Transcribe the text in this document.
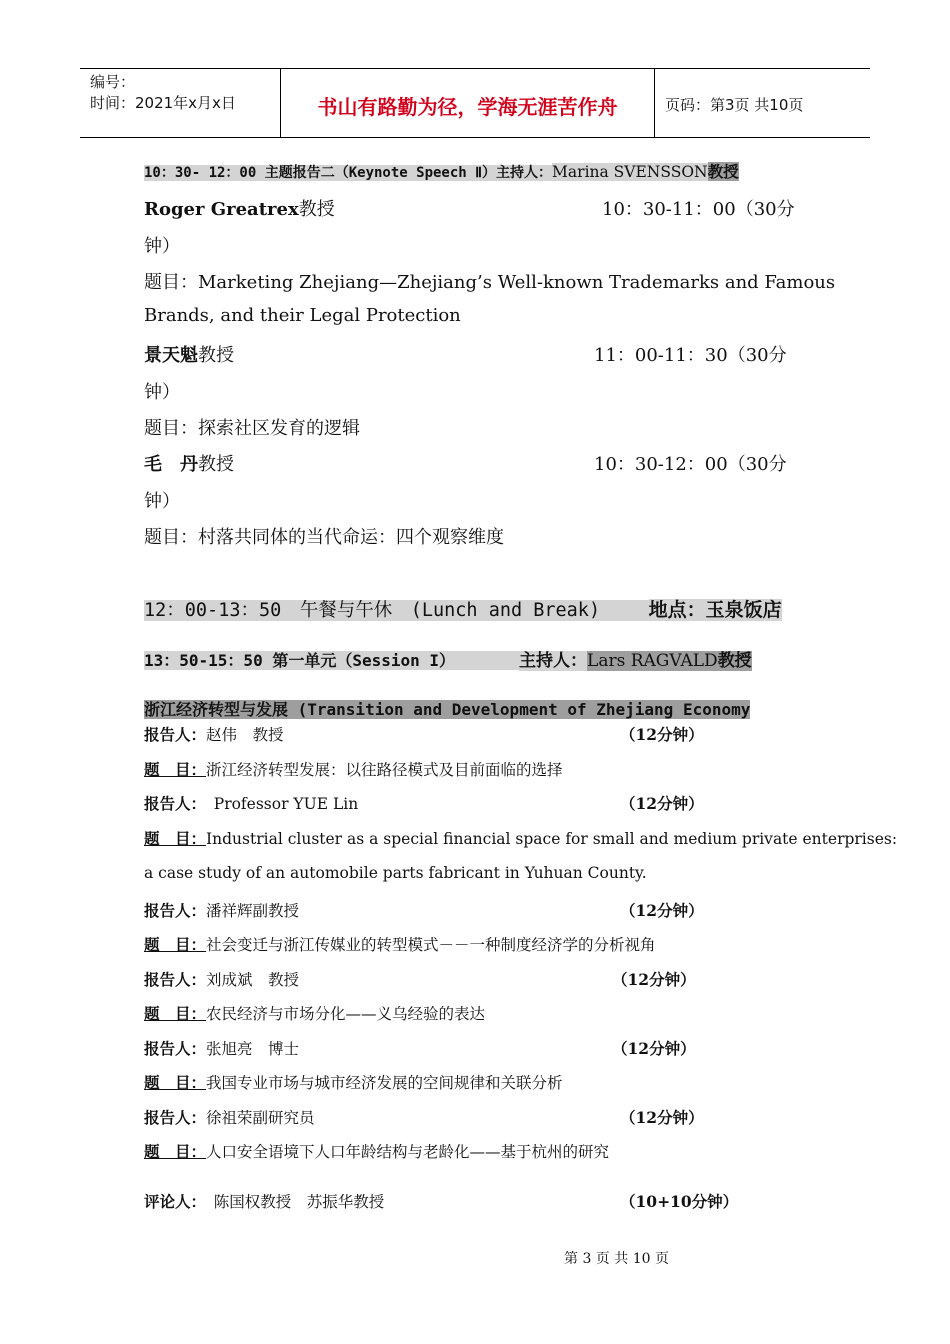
编号：
时间：2021年x月x日	书山有路勤为径，学海无涯苦作舟	页码：第3页 共10页
10：30- 12：00 主题报告二（Keynote Speech Ⅱ）主持人：Marina SVENSSON教授
Roger Greatrex教授	10：30-11：00（30分
钟）
题目：Marketing Zhejiang—Zhejiang’s Well-known Trademarks and Famous
Brands, and their Legal Protection
景天魁教授	11：00-11：30（30分
钟）
题目：探索社区发育的逻辑
毛　丹教授	10：30-12：00（30分
钟）
题目：村落共同体的当代命运：四个观察维度
12：00-13：50　午餐与午休　(Lunch and Break)　地点：玉泉饭店
13：50-15：50 第一单元（Session I）　　主持人：Lars RAGVALD教授
浙江经济转型与发展 (Transition and Development of Zhejiang Economy
报告人：赵伟　教授	（12分钟）
题　目：浙江经济转型发展：以往路径模式及目前面临的选择
报告人：　Professor YUE Lin	（12分钟）
题　目：Industrial cluster as a special financial space for small and medium private enterprises:
a case study of an automobile parts fabricant in Yuhuan County.
报告人：潘祥辉副教授	（12分钟）
题　目：社会变迁与浙江传媒业的转型模式－－一种制度经济学的分析视角
报告人：刘成斌　教授	（12分钟）
题　目：农民经济与市场分化——义乌经验的表达
报告人：张旭亮　博士	（12分钟）
题　目：我国专业市场与城市经济发展的空间规律和关联分析
报告人：徐祖荣副研究员	（12分钟）
题　目：人口安全语境下人口年龄结构与老龄化——基于杭州的研究
评论人：　陈国权教授　苏振华教授	（10+10分钟）
第 3 页 共 10 页
